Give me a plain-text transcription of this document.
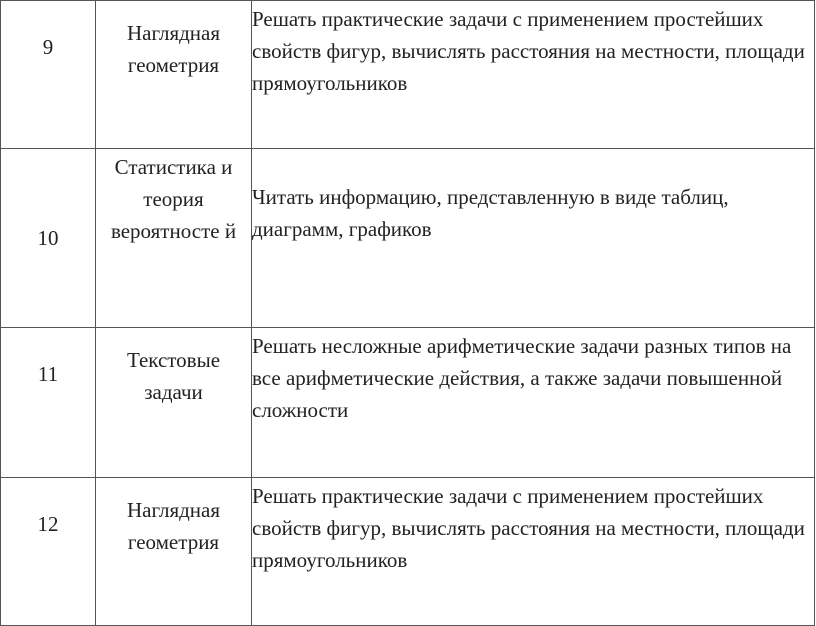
9	Наглядная геометрия	Решать практические задачи с применением простейших свойств фигур, вычислять расстояния на местности, площади прямоугольников
10	Статистика и теория вероятносте й	Читать информацию, представленную в виде таблиц, диаграмм, графиков
11	Текстовые задачи	Решать несложные арифметические задачи разных типов на все арифметические действия, а также задачи повышенной сложности
12	Наглядная геометрия	Решать практические задачи с применением простейших свойств фигур, вычислять расстояния на местности, площади прямоугольников
